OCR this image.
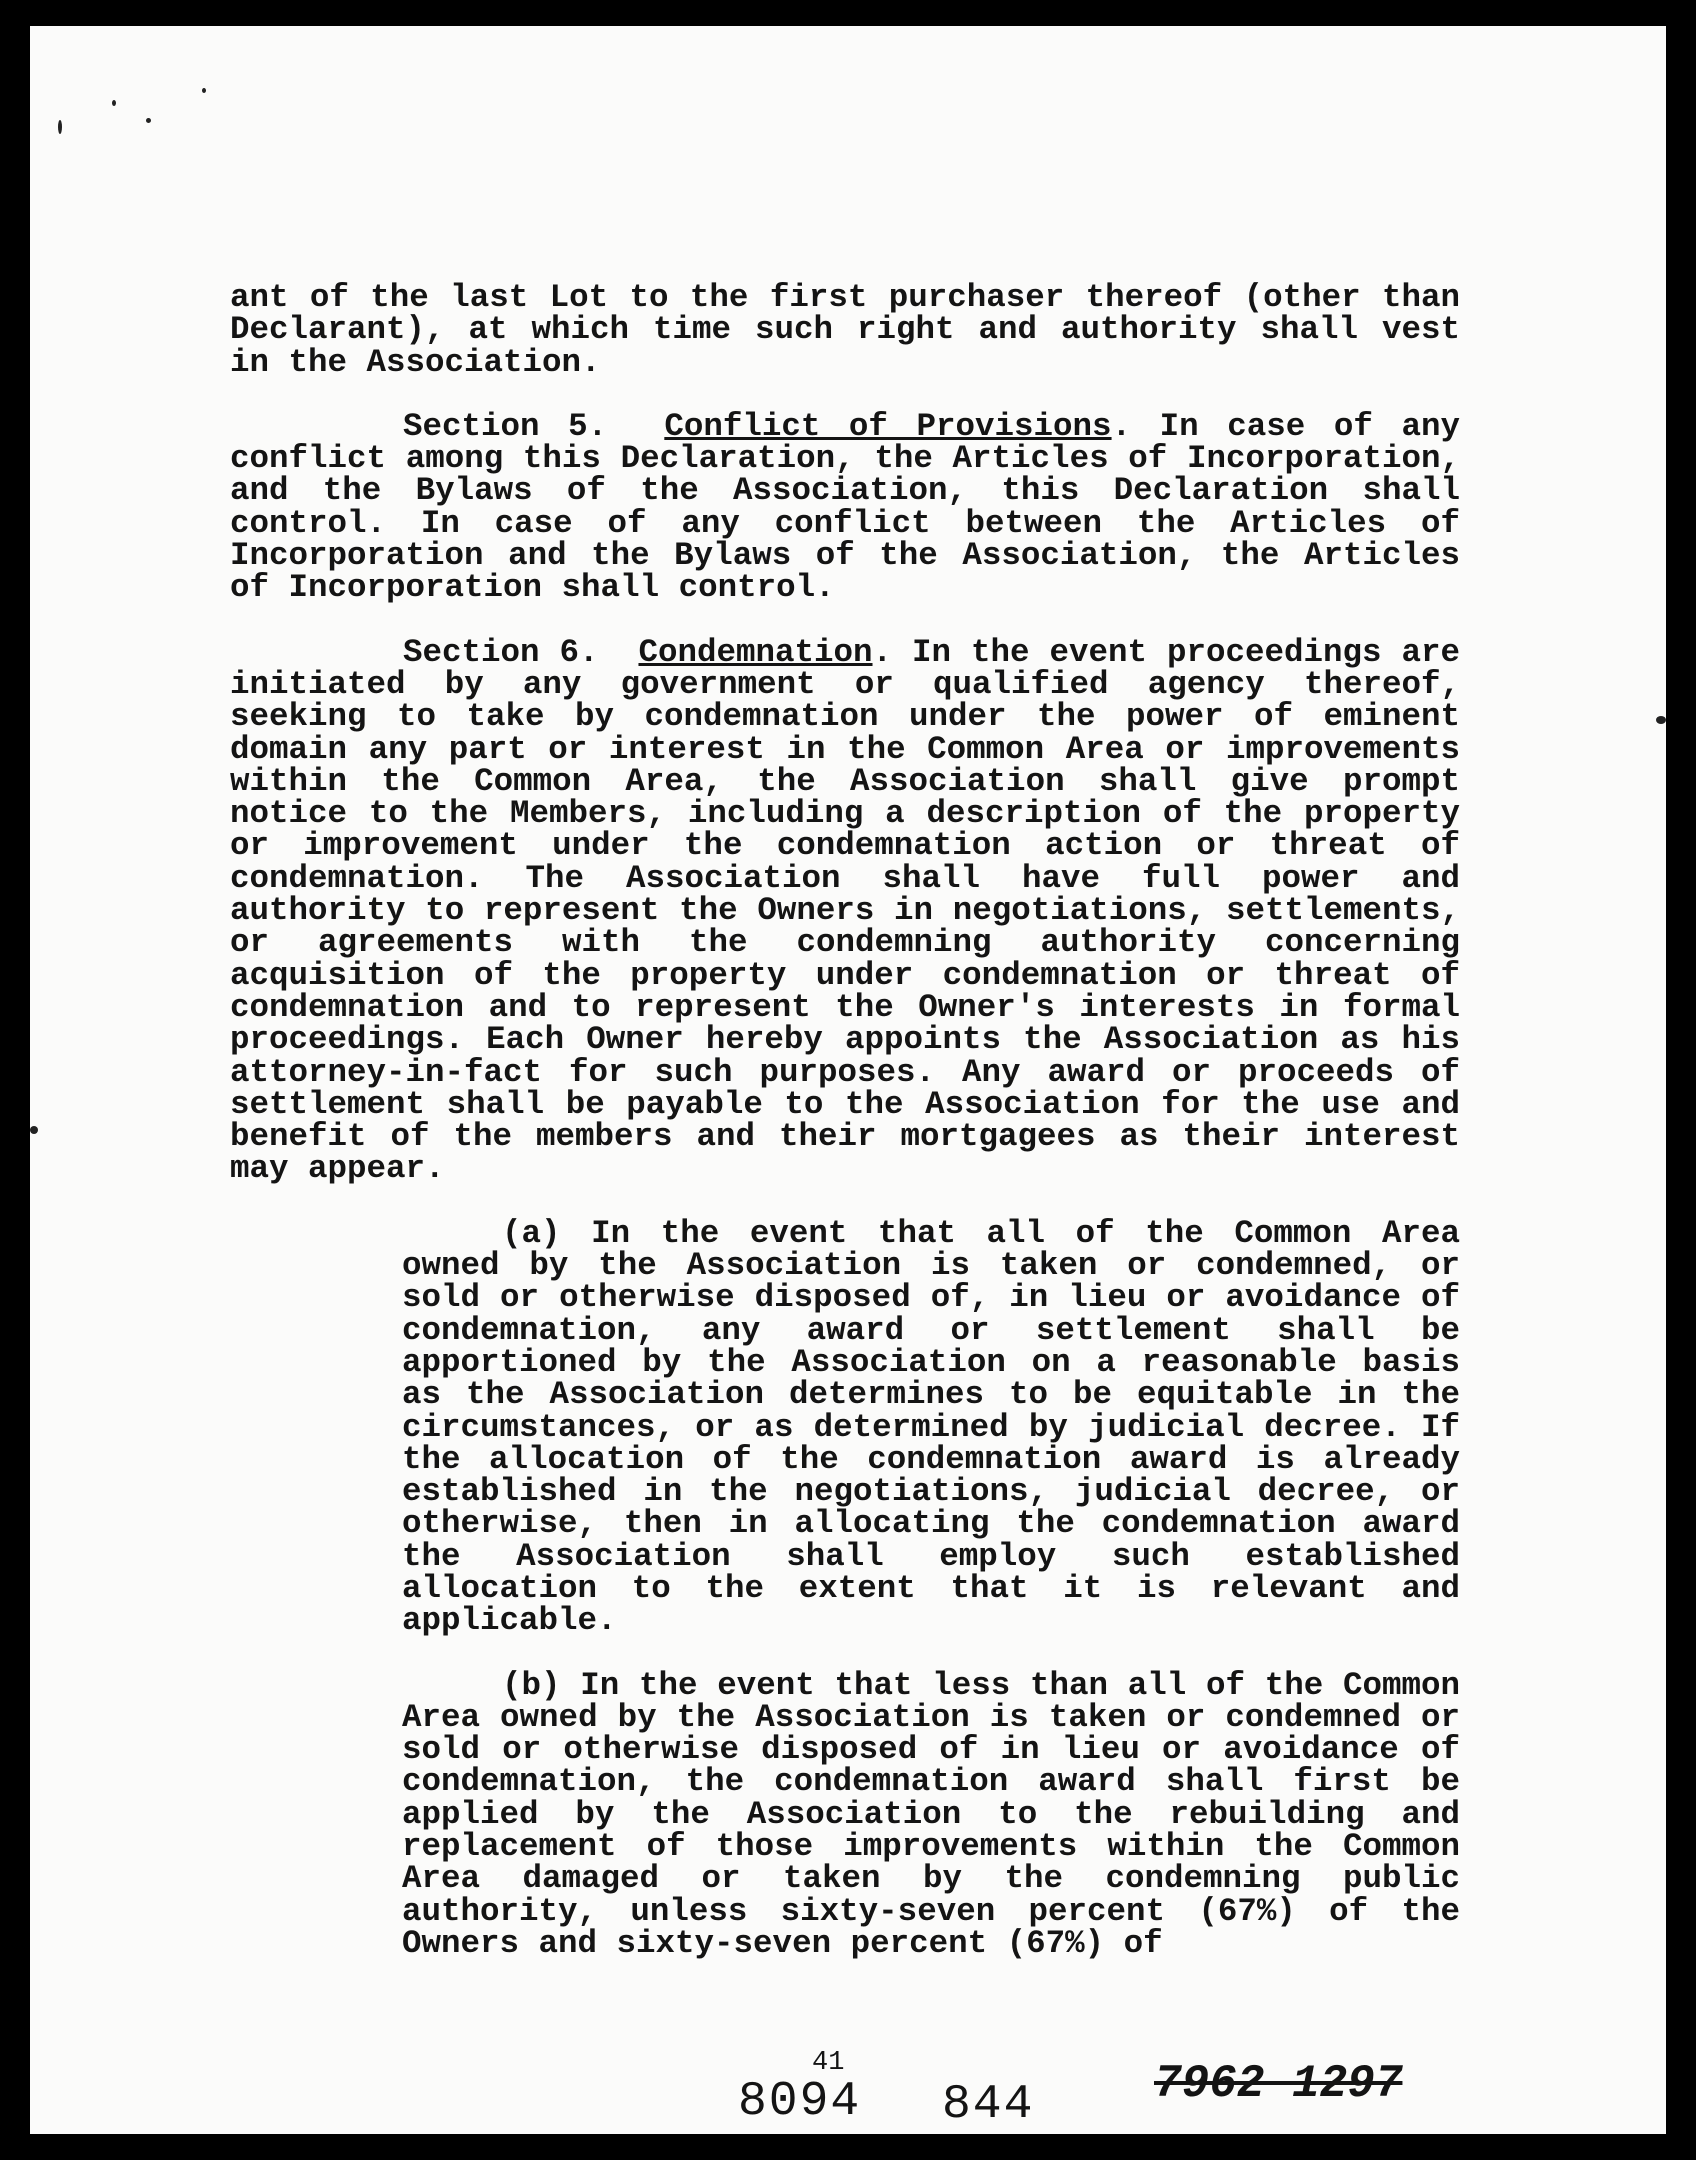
ant of the last Lot to the first purchaser thereof (other than Declarant), at which time such right and authority shall vest in the Association.

Section 5. Conflict of Provisions. In case of any conflict among this Declaration, the Articles of Incorporation, and the Bylaws of the Association, this Declaration shall control. In case of any conflict between the Articles of Incorporation and the Bylaws of the Association, the Articles of Incorporation shall control.

Section 6. Condemnation. In the event proceedings are initiated by any government or qualified agency thereof, seeking to take by condemnation under the power of eminent domain any part or interest in the Common Area or improvements within the Common Area, the Association shall give prompt notice to the Members, including a description of the property or improvement under the condemnation action or threat of condemnation. The Association shall have full power and authority to represent the Owners in negotiations, settlements, or agreements with the condemning authority concerning acquisition of the property under condemnation or threat of condemnation and to represent the Owner's interests in formal proceedings. Each Owner hereby appoints the Association as his attorney-in-fact for such purposes. Any award or proceeds of settlement shall be payable to the Association for the use and benefit of the members and their mortgagees as their interest may appear.

(a) In the event that all of the Common Area owned by the Association is taken or condemned, or sold or otherwise disposed of, in lieu or avoidance of condemnation, any award or settlement shall be apportioned by the Association on a reasonable basis as the Association determines to be equitable in the circumstances, or as determined by judicial decree. If the allocation of the condemnation award is already established in the negotiations, judicial decree, or otherwise, then in allocating the condemnation award the Association shall employ such established allocation to the extent that it is relevant and applicable.

(b) In the event that less than all of the Common Area owned by the Association is taken or condemned or sold or otherwise disposed of in lieu or avoidance of condemnation, the condemnation award shall first be applied by the Association to the rebuilding and replacement of those improvements within the Common Area damaged or taken by the condemning public authority, unless sixty-seven percent (67%) of the Owners and sixty-seven percent (67%) of

41
8094 844	7962 1297
